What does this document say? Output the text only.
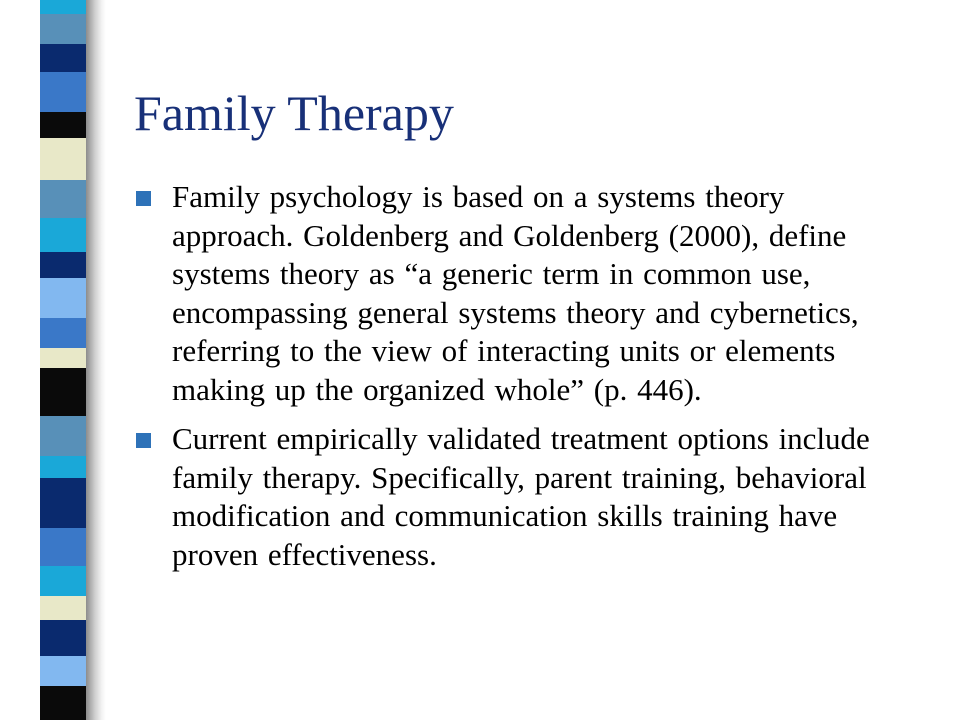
Family Therapy
Family psychology is based on a systems theory approach. Goldenberg and Goldenberg (2000), define systems theory as “a generic term in common use, encompassing general systems theory and cybernetics, referring to the view of interacting units or elements making up the organized whole” (p. 446).
Current empirically validated treatment options include family therapy. Specifically, parent training, behavioral modification and communication skills training have proven effectiveness.
